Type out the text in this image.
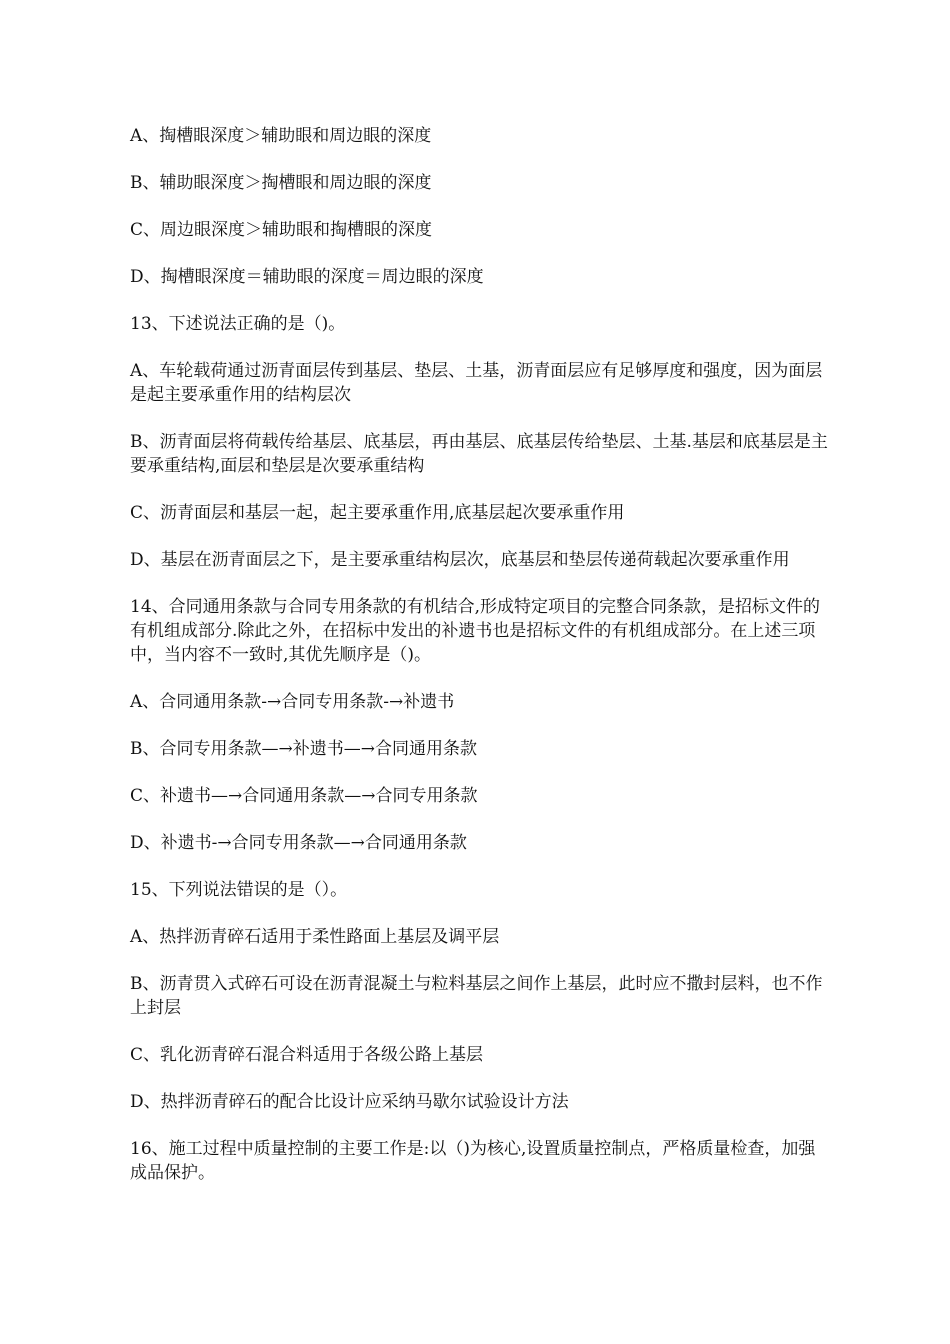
A、掏槽眼深度＞辅助眼和周边眼的深度

B、辅助眼深度＞掏槽眼和周边眼的深度

C、周边眼深度＞辅助眼和掏槽眼的深度

D、掏槽眼深度＝辅助眼的深度＝周边眼的深度

13、下述说法正确的是（)。

A、车轮载荷通过沥青面层传到基层、垫层、土基，沥青面层应有足够厚度和强度，因为面层是起主要承重作用的结构层次

B、沥青面层将荷载传给基层、底基层，再由基层、底基层传给垫层、土基.基层和底基层是主要承重结构,面层和垫层是次要承重结构

C、沥青面层和基层一起，起主要承重作用,底基层起次要承重作用

D、基层在沥青面层之下，是主要承重结构层次，底基层和垫层传递荷载起次要承重作用

14、合同通用条款与合同专用条款的有机结合,形成特定项目的完整合同条款，是招标文件的有机组成部分.除此之外，在招标中发出的补遗书也是招标文件的有机组成部分。在上述三项中，当内容不一致时,其优先顺序是（)。

A、合同通用条款-→合同专用条款-→补遗书

B、合同专用条款—→补遗书—→合同通用条款

C、补遗书—→合同通用条款—→合同专用条款

D、补遗书-→合同专用条款—→合同通用条款

15、下列说法错误的是（）。

A、热拌沥青碎石适用于柔性路面上基层及调平层

B、沥青贯入式碎石可设在沥青混凝土与粒料基层之间作上基层，此时应不撒封层料，也不作上封层

C、乳化沥青碎石混合料适用于各级公路上基层

D、热拌沥青碎石的配合比设计应采纳马歇尔试验设计方法

16、施工过程中质量控制的主要工作是:以（)为核心,设置质量控制点，严格质量检查，加强成品保护。
